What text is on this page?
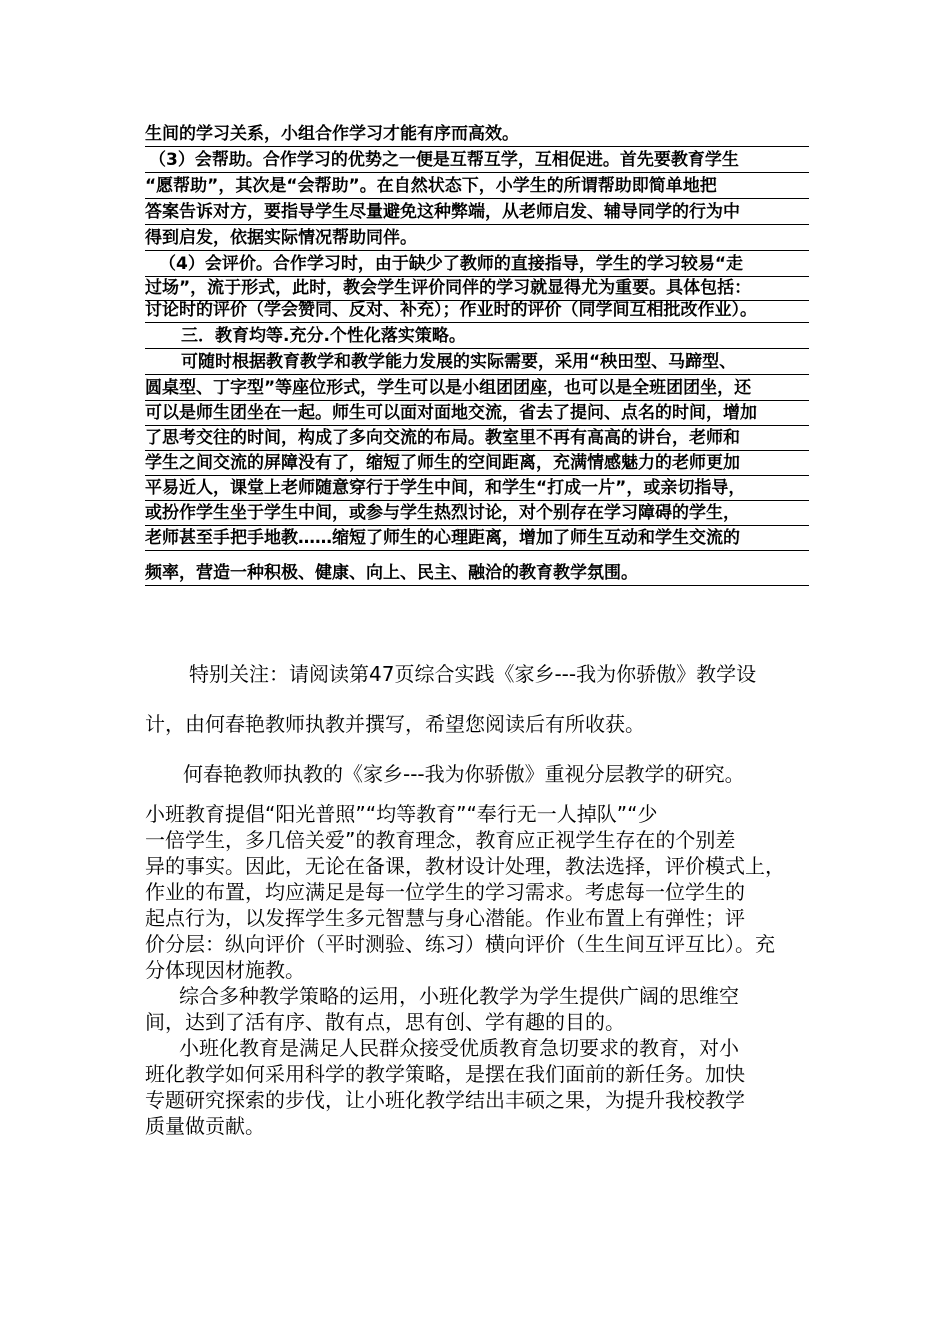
生间的学习关系，小组合作学习才能有序而高效。
（3）会帮助。合作学习的优势之一便是互帮互学，互相促进。首先要教育学生
“愿帮助”，其次是“会帮助”。在自然状态下，小学生的所谓帮助即简单地把
答案告诉对方，要指导学生尽量避免这种弊端，从老师启发、辅导同学的行为中
得到启发，依据实际情况帮助同伴。
（4）会评价。合作学习时，由于缺少了教师的直接指导，学生的学习较易“走
过场”，流于形式，此时，教会学生评价同伴的学习就显得尤为重要。具体包括：
讨论时的评价（学会赞同、反对、补充）；作业时的评价（同学间互相批改作业）。
三．教育均等.充分.个性化落实策略。
可随时根据教育教学和教学能力发展的实际需要，采用“秧田型、马蹄型、
圆桌型、丁字型”等座位形式，学生可以是小组团团座，也可以是全班团团坐，还
可以是师生团坐在一起。师生可以面对面地交流，省去了提问、点名的时间，增加
了思考交往的时间，构成了多向交流的布局。教室里不再有高高的讲台，老师和
学生之间交流的屏障没有了，缩短了师生的空间距离，充满情感魅力的老师更加
平易近人，课堂上老师随意穿行于学生中间，和学生“打成一片”，或亲切指导，
或扮作学生坐于学生中间，或参与学生热烈讨论，对个别存在学习障碍的学生，
老师甚至手把手地教……缩短了师生的心理距离，增加了师生互动和学生交流的
频率，营造一种积极、健康、向上、民主、融洽的教育教学氛围。
特别关注：请阅读第47页综合实践《家乡---我为你骄傲》教学设
计，由何春艳教师执教并撰写，希望您阅读后有所收获。
何春艳教师执教的《家乡---我为你骄傲》重视分层教学的研究。
小班教育提倡“阳光普照”“均等教育”“奉行无一人掉队”“少
一倍学生，多几倍关爱”的教育理念，教育应正视学生存在的个别差
异的事实。因此，无论在备课，教材设计处理，教法选择，评价模式上，
作业的布置，均应满足是每一位学生的学习需求。考虑每一位学生的
起点行为，以发挥学生多元智慧与身心潜能。作业布置上有弹性；评
价分层：纵向评价（平时测验、练习）横向评价（生生间互评互比）。充
分体现因材施教。
综合多种教学策略的运用，小班化教学为学生提供广阔的思维空
间，达到了活有序、散有点，思有创、学有趣的目的。
小班化教育是满足人民群众接受优质教育急切要求的教育，对小
班化教学如何采用科学的教学策略，是摆在我们面前的新任务。加快
专题研究探索的步伐，让小班化教学结出丰硕之果，为提升我校教学
质量做贡献。
